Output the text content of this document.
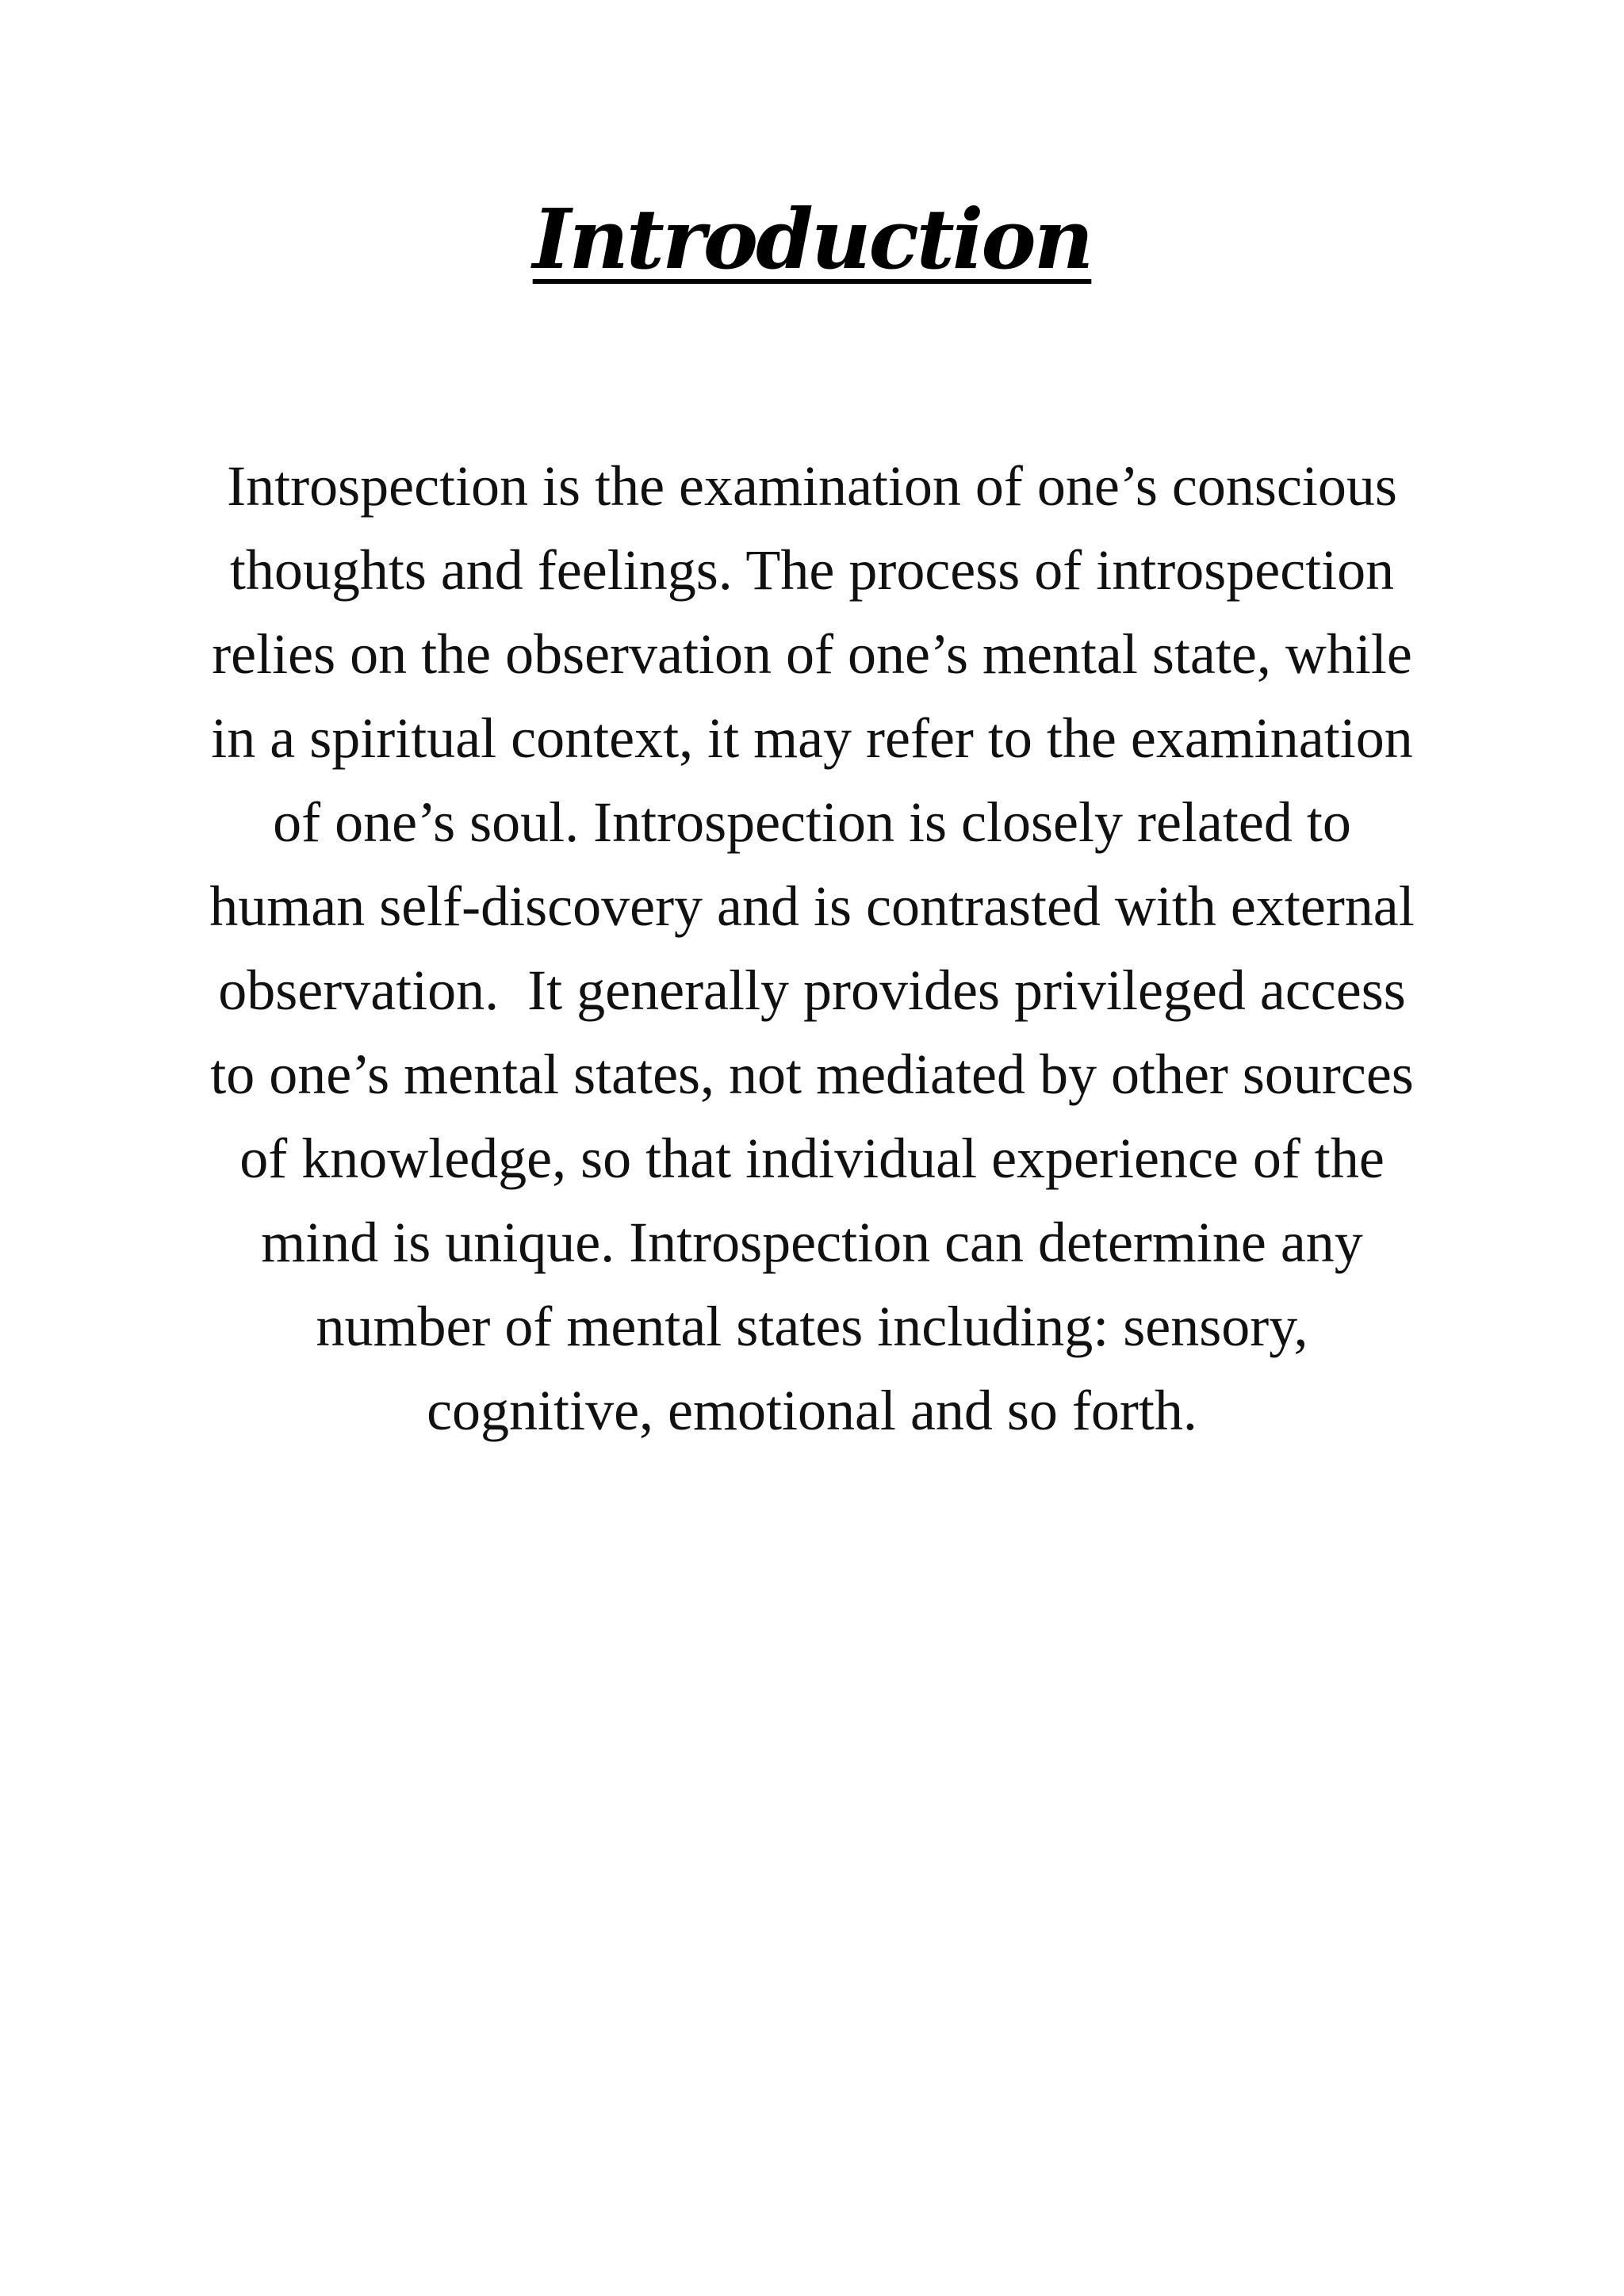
Introduction
Introspection is the examination of one’s conscious
thoughts and feelings. The process of introspection
relies on the observation of one’s mental state, while
in a spiritual context, it may refer to the examination
of one’s soul. Introspection is closely related to
human self-discovery and is contrasted with external
observation.  It generally provides privileged access
to one’s mental states, not mediated by other sources
of knowledge, so that individual experience of the
mind is unique. Introspection can determine any
number of mental states including: sensory,
cognitive, emotional and so forth.
